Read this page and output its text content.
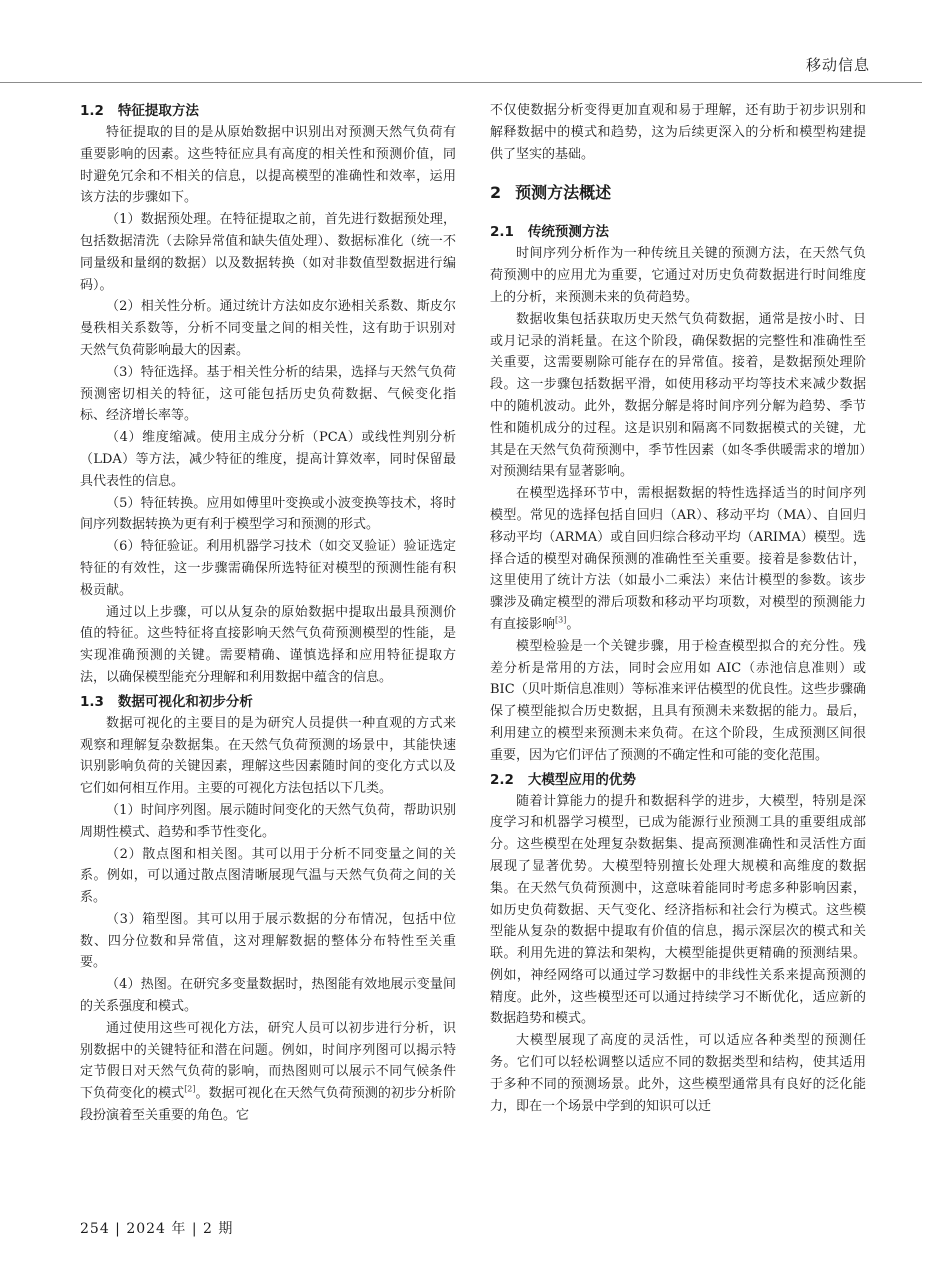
移动信息
1.2 特征提取方法

特征提取的目的是从原始数据中识别出对预测天然气负荷有重要影响的因素。这些特征应具有高度的相关性和预测价值，同时避免冗余和不相关的信息，以提高模型的准确性和效率，运用该方法的步骤如下。

（1）数据预处理。在特征提取之前，首先进行数据预处理，包括数据清洗（去除异常值和缺失值处理）、数据标准化（统一不同量级和量纲的数据）以及数据转换（如对非数值型数据进行编码）。

（2）相关性分析。通过统计方法如皮尔逊相关系数、斯皮尔曼秩相关系数等，分析不同变量之间的相关性，这有助于识别对天然气负荷影响最大的因素。

（3）特征选择。基于相关性分析的结果，选择与天然气负荷预测密切相关的特征，这可能包括历史负荷数据、气候变化指标、经济增长率等。

（4）维度缩减。使用主成分分析（PCA）或线性判别分析（LDA）等方法，减少特征的维度，提高计算效率，同时保留最具代表性的信息。

（5）特征转换。应用如傅里叶变换或小波变换等技术，将时间序列数据转换为更有利于模型学习和预测的形式。

（6）特征验证。利用机器学习技术（如交叉验证）验证选定特征的有效性，这一步骤需确保所选特征对模型的预测性能有积极贡献。

通过以上步骤，可以从复杂的原始数据中提取出最具预测价值的特征。这些特征将直接影响天然气负荷预测模型的性能，是实现准确预测的关键。需要精确、谨慎选择和应用特征提取方法，以确保模型能充分理解和利用数据中蕴含的信息。

1.3 数据可视化和初步分析

数据可视化的主要目的是为研究人员提供一种直观的方式来观察和理解复杂数据集。在天然气负荷预测的场景中，其能快速识别影响负荷的关键因素，理解这些因素随时间的变化方式以及它们如何相互作用。主要的可视化方法包括以下几类。

（1）时间序列图。展示随时间变化的天然气负荷，帮助识别周期性模式、趋势和季节性变化。

（2）散点图和相关图。其可以用于分析不同变量之间的关系。例如，可以通过散点图清晰展现气温与天然气负荷之间的关系。

（3）箱型图。其可以用于展示数据的分布情况，包括中位数、四分位数和异常值，这对理解数据的整体分布特性至关重要。

（4）热图。在研究多变量数据时，热图能有效地展示变量间的关系强度和模式。

通过使用这些可视化方法，研究人员可以初步进行分析，识别数据中的关键特征和潜在问题。例如，时间序列图可以揭示特定节假日对天然气负荷的影响，而热图则可以展示不同气候条件下负荷变化的模式[2]。数据可视化在天然气负荷预测的初步分析阶段扮演着至关重要的角色。它

不仅使数据分析变得更加直观和易于理解，还有助于初步识别和解释数据中的模式和趋势，这为后续更深入的分析和模型构建提供了坚实的基础。

2 预测方法概述
2.1 传统预测方法

时间序列分析作为一种传统且关键的预测方法，在天然气负荷预测中的应用尤为重要，它通过对历史负荷数据进行时间维度上的分析，来预测未来的负荷趋势。

数据收集包括获取历史天然气负荷数据，通常是按小时、日或月记录的消耗量。在这个阶段，确保数据的完整性和准确性至关重要，这需要剔除可能存在的异常值。接着，是数据预处理阶段。这一步骤包括数据平滑，如使用移动平均等技术来减少数据中的随机波动。此外，数据分解是将时间序列分解为趋势、季节性和随机成分的过程。这是识别和隔离不同数据模式的关键，尤其是在天然气负荷预测中，季节性因素（如冬季供暖需求的增加）对预测结果有显著影响。

在模型选择环节中，需根据数据的特性选择适当的时间序列模型。常见的选择包括自回归（AR）、移动平均（MA）、自回归移动平均（ARMA）或自回归综合移动平均（ARIMA）模型。选择合适的模型对确保预测的准确性至关重要。接着是参数估计，这里使用了统计方法（如最小二乘法）来估计模型的参数。该步骤涉及确定模型的滞后项数和移动平均项数，对模型的预测能力有直接影响[3]。

模型检验是一个关键步骤，用于检查模型拟合的充分性。残差分析是常用的方法，同时会应用如 AIC（赤池信息准则）或 BIC（贝叶斯信息准则）等标准来评估模型的优良性。这些步骤确保了模型能拟合历史数据，且具有预测未来数据的能力。最后，利用建立的模型来预测未来负荷。在这个阶段，生成预测区间很重要，因为它们评估了预测的不确定性和可能的变化范围。

2.2 大模型应用的优势

随着计算能力的提升和数据科学的进步，大模型，特别是深度学习和机器学习模型，已成为能源行业预测工具的重要组成部分。这些模型在处理复杂数据集、提高预测准确性和灵活性方面展现了显著优势。大模型特别擅长处理大规模和高维度的数据集。在天然气负荷预测中，这意味着能同时考虑多种影响因素，如历史负荷数据、天气变化、经济指标和社会行为模式。这些模型能从复杂的数据中提取有价值的信息，揭示深层次的模式和关联。利用先进的算法和架构，大模型能提供更精确的预测结果。例如，神经网络可以通过学习数据中的非线性关系来提高预测的精度。此外，这些模型还可以通过持续学习不断优化，适应新的数据趋势和模式。

大模型展现了高度的灵活性，可以适应各种类型的预测任务。它们可以轻松调整以适应不同的数据类型和结构，使其适用于多种不同的预测场景。此外，这些模型通常具有良好的泛化能力，即在一个场景中学到的知识可以迁

254 | 2024 年 | 2 期
